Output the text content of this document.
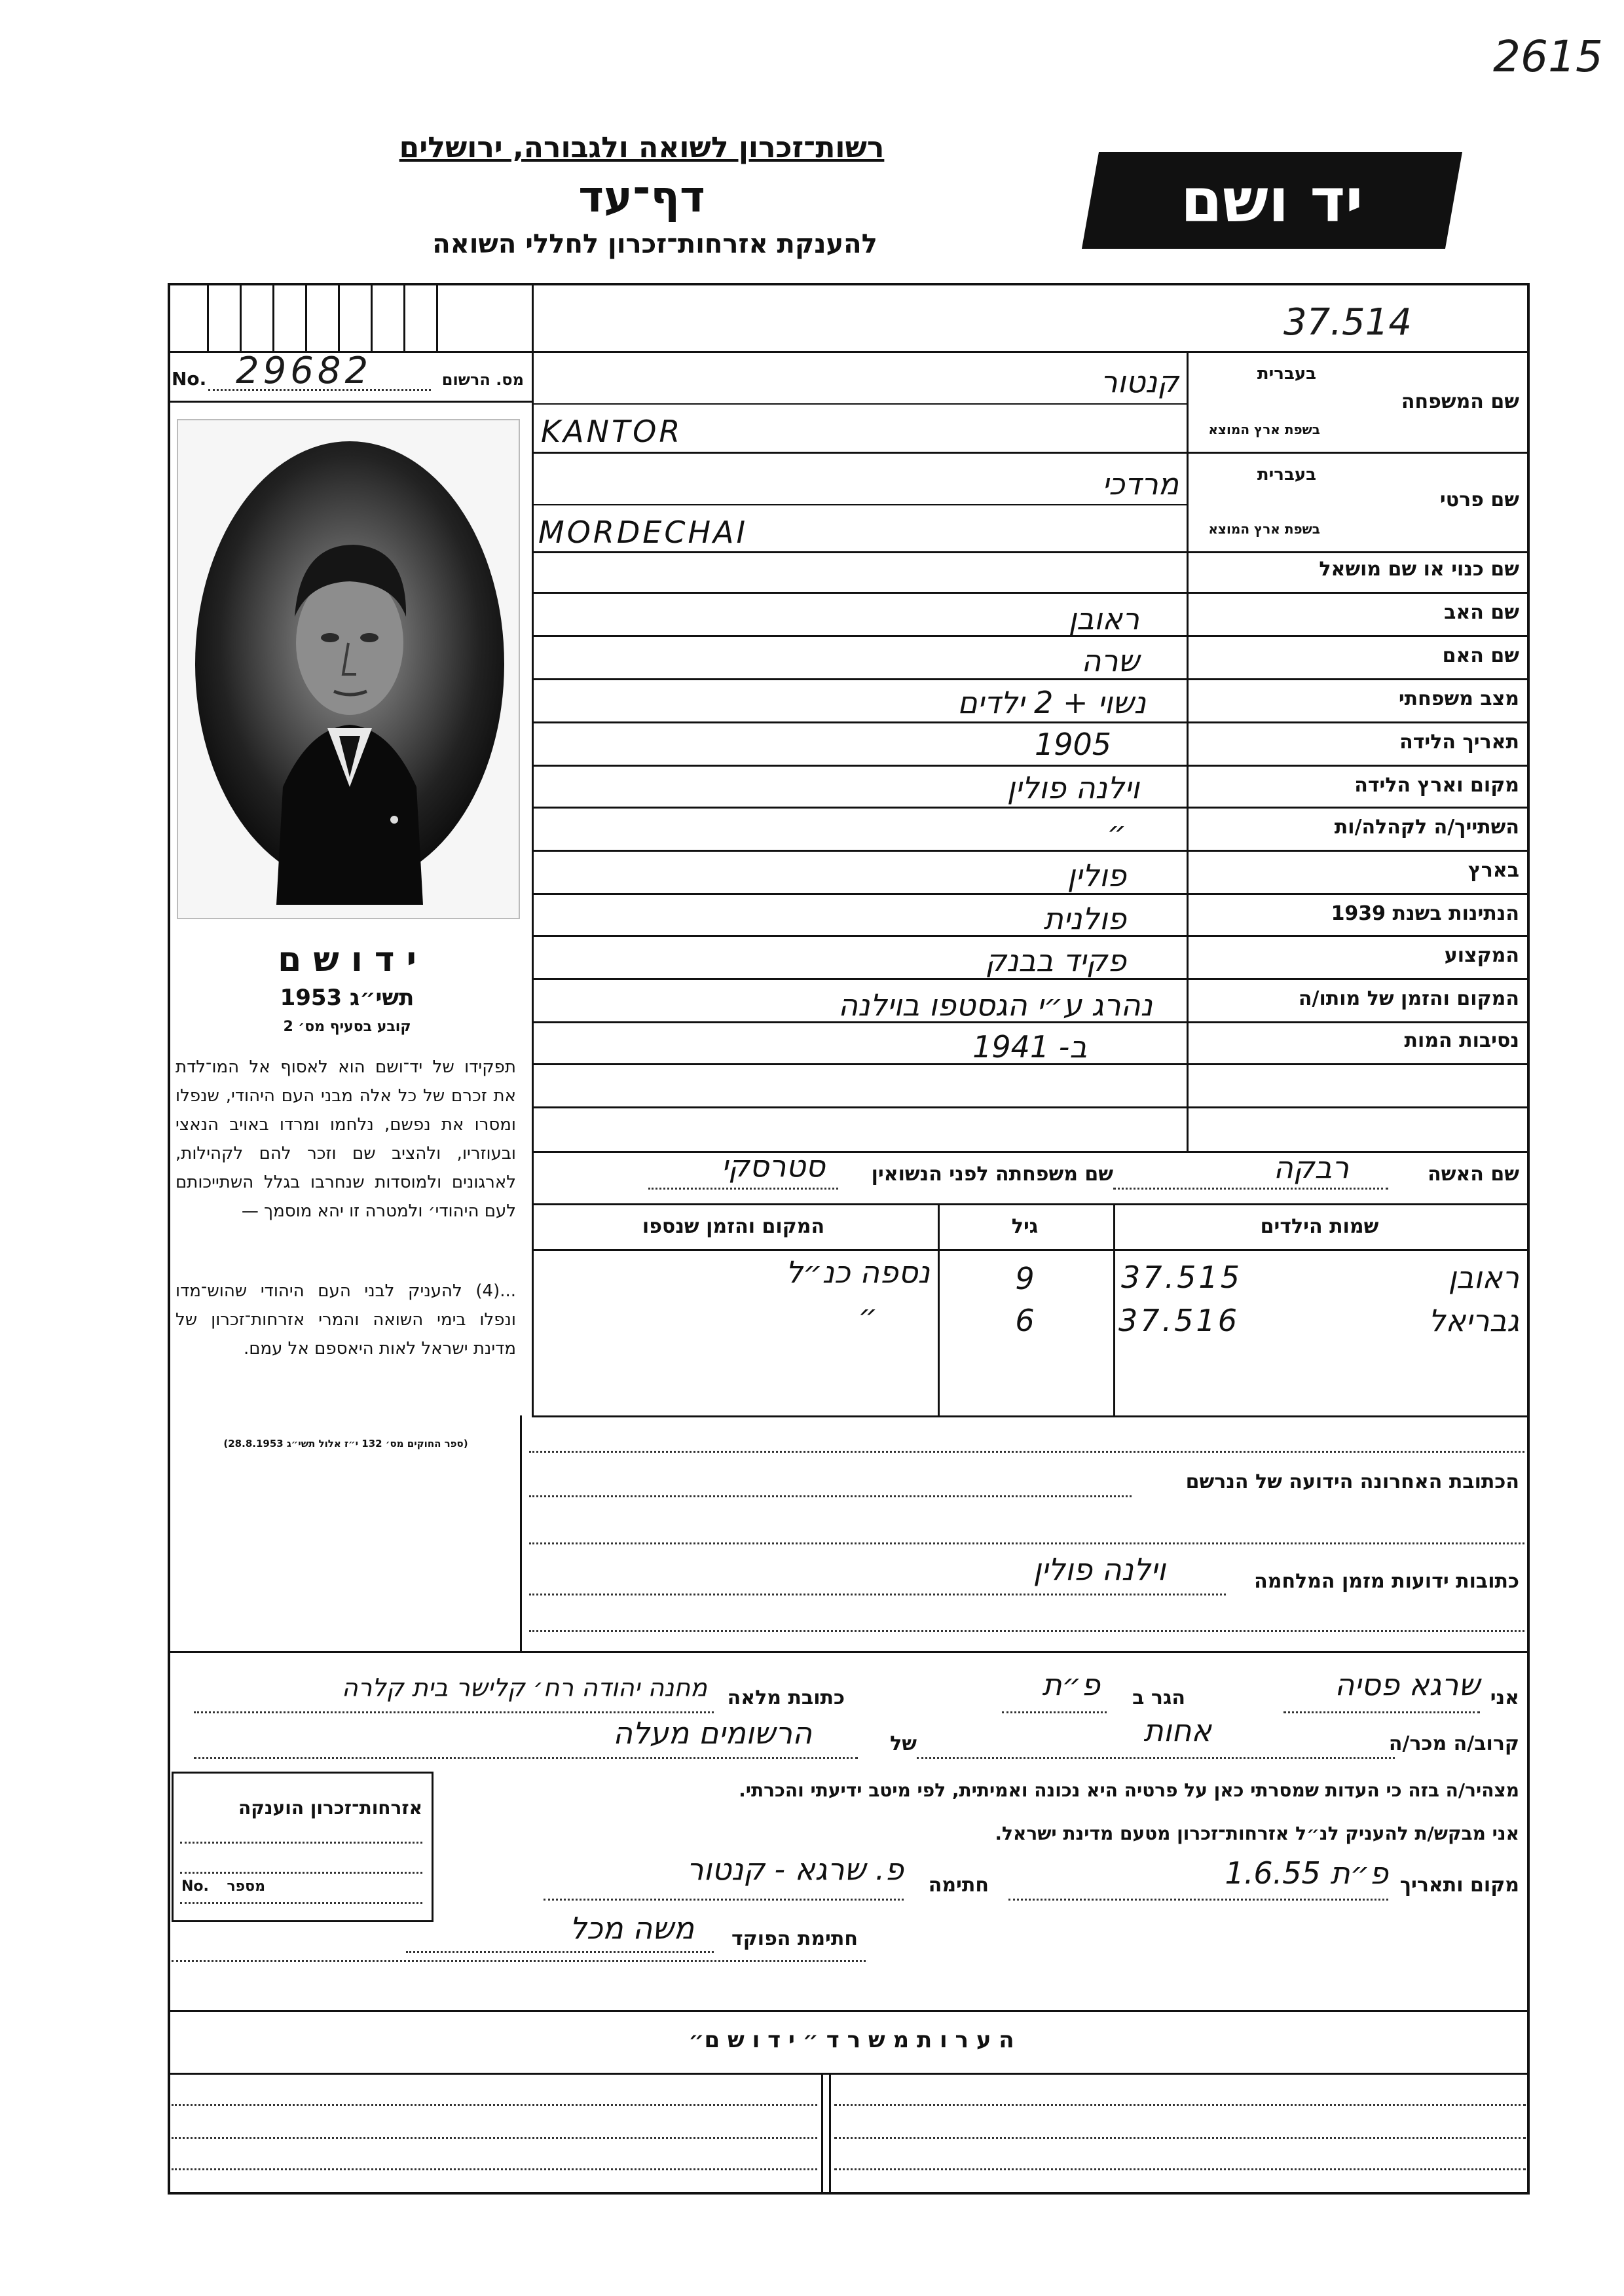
2615
רשות־זכרון לשואה ולגבורה, ירושלים
דף־עד
להענקת אזרחות־זכרון לחללי השואה
יד ושם
37.514
No. 29682	מס. הרשום
י ד ו ש ם
תשי״ג 1953
קובע בסעיף מס׳ 2
תפקידו של יד־ושם הוא לאסוף אל המו־לדת את זכרם של כל אלה מבני העם היהודי, שנפלו ומסרו את נפשם, נלחמו ומרדו באויב הנאצי ובעוזריו, ולהציב שם וזכר להם לקהילות, לארגונים ולמוסדות שנחרבו בגלל השתייכותם לעם היהודי׳ ולמטרה זו יהא מוסמך —
...(4) להעניק לבני העם היהודי שהוש־מדו ונפלו בימי השואה והמרי אזרחות־זכרון של מדינת ישראל לאות היאספם אל עמם.
(ספר החוקים מס׳ 132 י״ז אלול תשי״ג 28.8.1953)
בעברית
שם המשפחה
בשפת ארץ המוצא
קנטור
KANTOR
בעברית
שם פרטי
בשפת ארץ המוצא
מרדכי
MORDECHAI
שם כנוי או שם מושאל
שם האב
ראובן
שם האם
שרה
מצב משפחתי
נשוי + 2 ילדים
תאריך הלידה
1905
מקום וארץ הלידה
וילנה פולין
השתייך/ה לקהלה/ות
״
בארץ
פולין
הנתינות בשנת 1939
פולנית
המקצוע
פקיד בבנק
המקום והזמן של מותו/ה
נהרג ע״י הגסטפו בוילנה
נסיבות המות
ב- 1941
שם האשה
רבקה
שם משפחתה לפני הנשואין
סטרסקי
שמות הילדים
גיל
המקום והזמן שנספו
ראובן
37.515
9
נספה כנ״ל
גבריאל
37.516
6
״
הכתובת האחרונה הידועה של הנרשם
כתובות ידועות מזמן המלחמה
וילנה פולין
אני
שרגא פסיה
הגר ב
פ״ת
כתובת מלאה
מחנה יהודה רח׳ קלישר בית קלרה
קרוב/ה מכר/ה
אחות
של
הרשומים מעלה
מצהיר/ה בזה כי העדות שמסרתי כאן על פרטיה היא נכונה ואמיתית, לפי מיטב ידיעתי והכרתי.
אני מבקש/ת להעניק לנ״ל אזרחות־זכרון מטעם מדינת ישראל.
מקום ותאריך
פ״ת 1.6.55
חתימה
פ. שרגא - קנטור
חתימת הפוקד
משה מכל
אזרחות־זכרון הוענקה
No.	מספר
ה ע ר ו ת מ ש ר ד ״ י ד ו ש ם״
